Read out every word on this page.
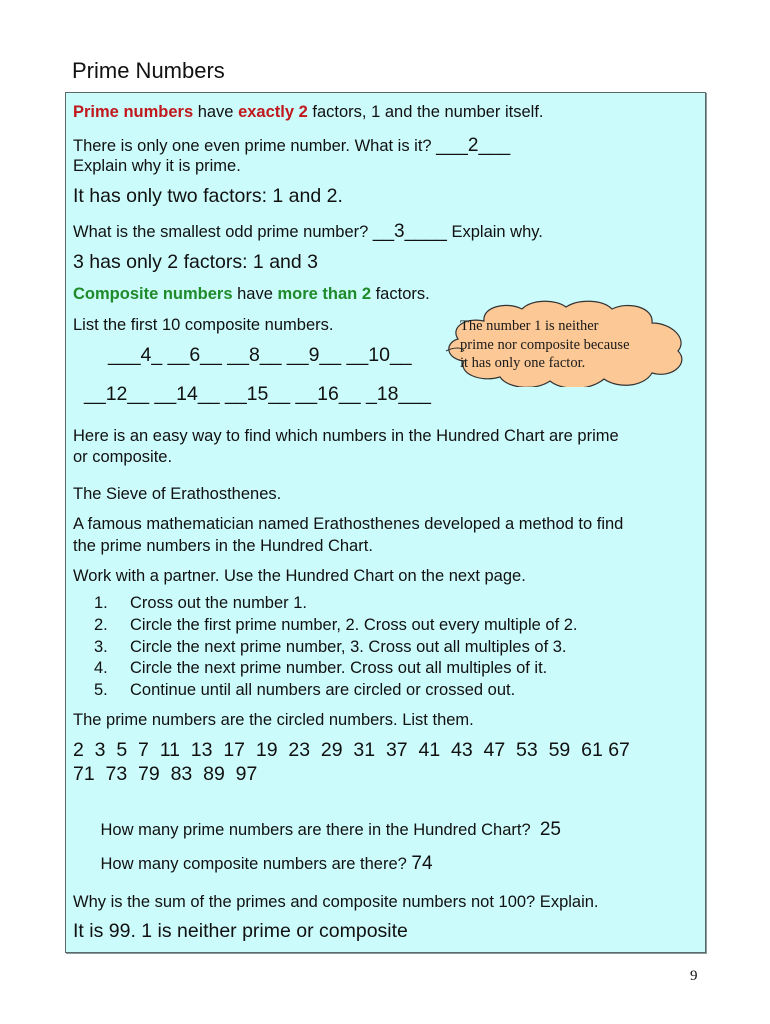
Prime Numbers
Prime numbers have exactly 2 factors, 1 and the number itself.
There is only one even prime number. What is it? ___2___
Explain why it is prime.
It has only two factors: 1 and 2.
What is the smallest odd prime number? __3____ Explain why.
3 has only 2 factors: 1 and 3
Composite numbers have more than 2 factors.
List the first 10 composite numbers.
___4_ __6__ __8__ __9__ __10__
__12__ __14__ __15__ __16__ _18___
The number 1 is neither
prime nor composite because
it has only one factor.
Here is an easy way to find which numbers in the Hundred Chart are prime
or composite.
The Sieve of Erathosthenes.
A famous mathematician named Erathosthenes developed a method to find
the prime numbers in the Hundred Chart.
Work with a partner. Use the Hundred Chart on the next page.
1.	Cross out the number 1.
2.	Circle the first prime number, 2. Cross out every multiple of 2.
3.	Circle the next prime number, 3. Cross out all multiples of 3.
4.	Circle the next prime number. Cross out all multiples of it.
5.	Continue until all numbers are circled or crossed out.
The prime numbers are the circled numbers. List them.
2  3  5  7  11  13  17  19  23  29  31  37  41  43  47  53  59  61 67
71  73  79  83  89  97

How many prime numbers are there in the Hundred Chart?  25

How many composite numbers are there? 74

Why is the sum of the primes and composite numbers not 100? Explain.
It is 99. 1 is neither prime or composite
9
